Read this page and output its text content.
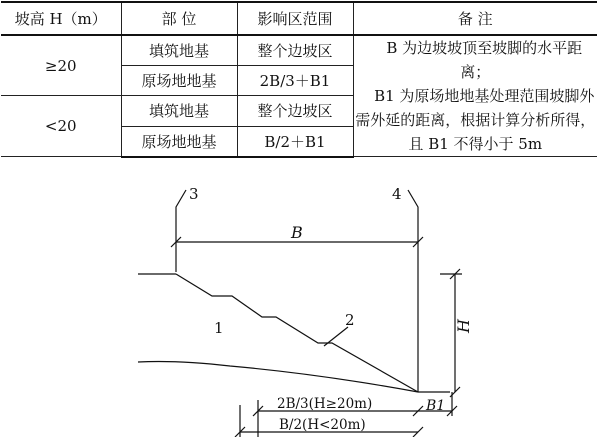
坡高 H（m）	部 位	影响区范围	备 注
≥20	填筑地基	整个边坡区	B 为边坡坡顶至坡脚的水平距离；

B1 为原场地地基处理范围坡脚外需外延的距离，根据计算分析所得，且 B1 不得小于 5m

	原场地地基	2B/3＋B1	
<20	填筑地基	整个边坡区	
	原场地地基	B/2＋B1	
3	4
B
1	2	H
B1
2B/3(H≥20m)
B/2(H<20m)
